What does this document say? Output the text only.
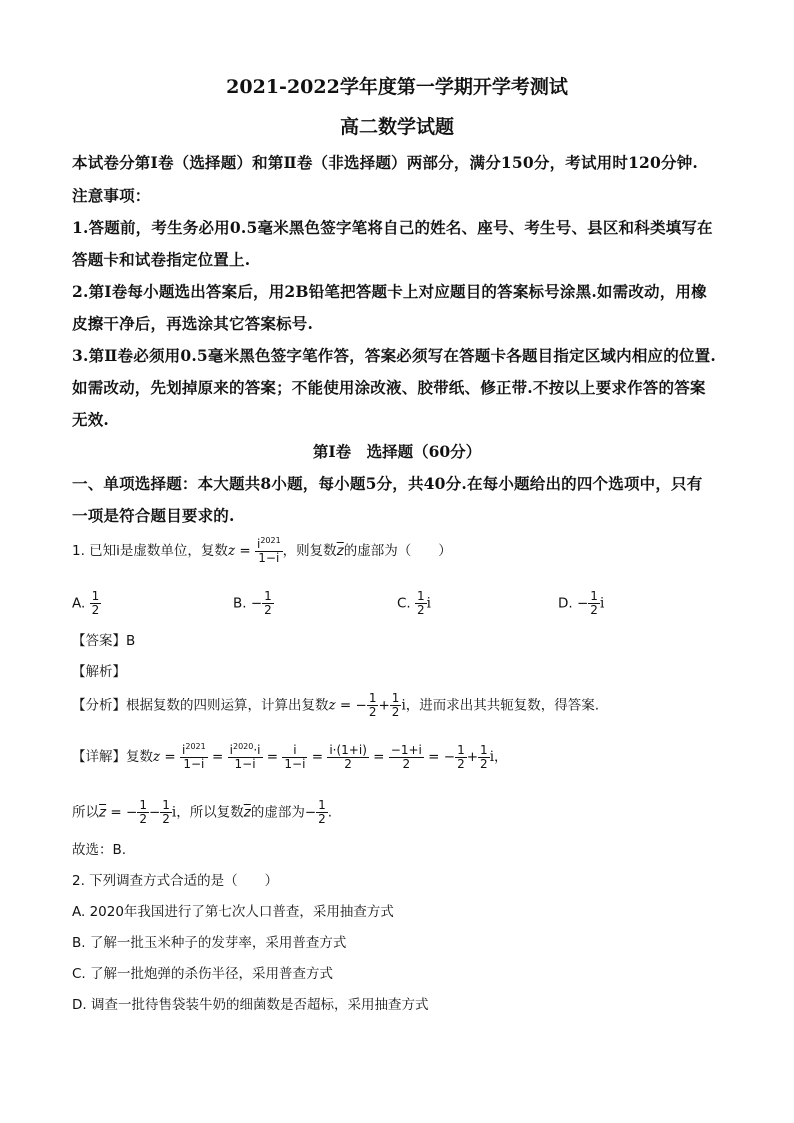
2021-2022学年度第一学期开学考测试
高二数学试题
本试卷分第Ⅰ卷（选择题）和第Ⅱ卷（非选择题）两部分，满分150分，考试用时120分钟.
注意事项：
1.答题前，考生务必用0.5毫米黑色签字笔将自己的姓名、座号、考生号、县区和科类填写在
答题卡和试卷指定位置上.
2.第Ⅰ卷每小题选出答案后，用2B铅笔把答题卡上对应题目的答案标号涂黑.如需改动，用橡
皮擦干净后，再选涂其它答案标号.
3.第Ⅱ卷必须用0.5毫米黑色签字笔作答，答案必须写在答题卡各题目指定区域内相应的位置.
如需改动，先划掉原来的答案；不能使用涂改液、胶带纸、修正带.不按以上要求作答的答案
无效.
第Ⅰ卷　选择题（60分）
一、单项选择题：本大题共8小题，每小题5分，共40分.在每小题给出的四个选项中，只有
一项是符合题目要求的.
1. 已知i是虚数单位，复数$z = \frac{i^{2021}}{1-i}$ ，则复数$\overline{z}$的虚部为（　　）
A. $\frac{1}{2}$	B. − $\frac{1}{2}$	C. $\frac{1}{2}$ i	D. − $\frac{1}{2}$ i
【答案】B
【解析】
【分析】根据复数的四则运算，计算出复数z = − $\frac{1}{2} + \frac{1}{2}$ i，进而求出其共轭复数，得答案.
【详解】复数$z = \frac{i^{2021}}{1-i} = \frac{i^{2020}\cdot i}{1-i} = \frac{i}{1-i} = \frac{i\cdot(1+i)}{2} = \frac{-1+i}{2}$ = − $\frac{1}{2} + \frac{1}{2}$ i，
所以$\overline{z}$ = − $\frac{1}{2} - \frac{1}{2}$ i，所以复数$\overline{z}$的虚部为− $\frac{1}{2}$ .
故选：B.
2. 下列调查方式合适的是（　　）
A. 2020年我国进行了第七次人口普查，采用抽查方式
B. 了解一批玉米种子的发芽率，采用普查方式
C. 了解一批炮弹的杀伤半径，采用普查方式
D. 调查一批待售袋装牛奶的细菌数是否超标，采用抽查方式
